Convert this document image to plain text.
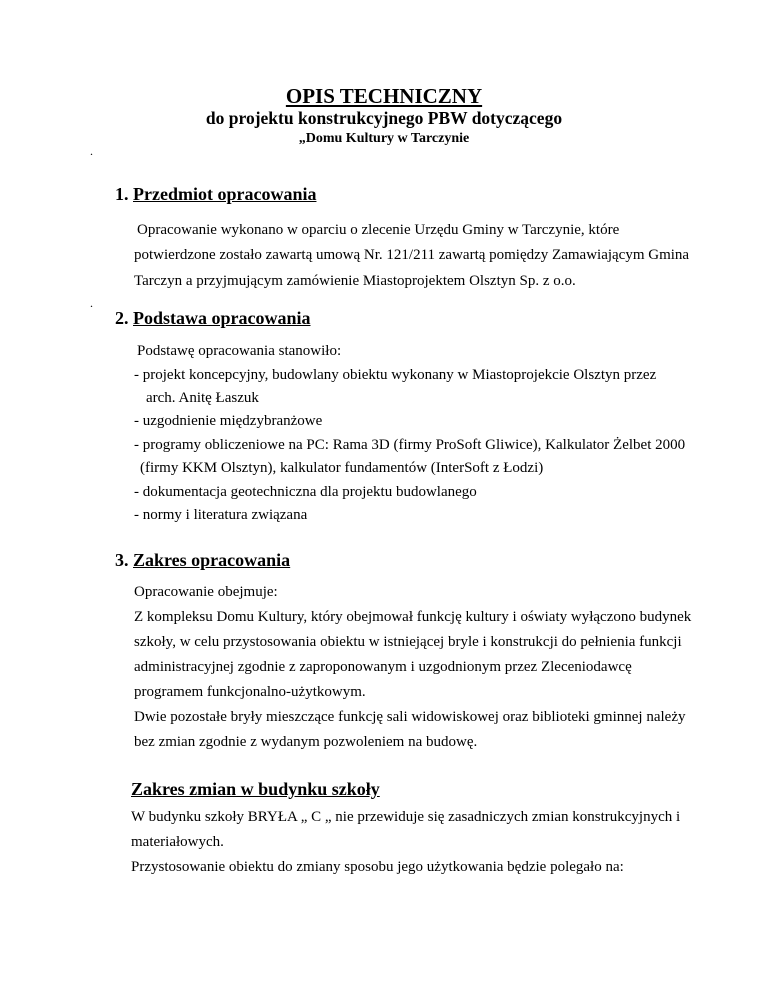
OPIS TECHNICZNY
do projektu konstrukcyjnego PBW dotyczącego
„Domu Kultury w Tarczynie
.
.
1. Przedmiot opracowania
Opracowanie wykonano w oparciu o zlecenie Urzędu Gminy w Tarczynie, które
potwierdzone zostało zawartą umową Nr. 121/211 zawartą pomiędzy Zamawiającym Gmina
Tarczyn a przyjmującym zamówienie Miastoprojektem Olsztyn Sp. z o.o.
2. Podstawa opracowania
Podstawę opracowania stanowiło:
- projekt koncepcyjny, budowlany obiektu wykonany w Miastoprojekcie Olsztyn przez
arch. Anitę Łaszuk
- uzgodnienie międzybranżowe
- programy obliczeniowe na PC: Rama 3D (firmy ProSoft Gliwice), Kalkulator Żelbet 2000
(firmy KKM Olsztyn), kalkulator fundamentów (InterSoft z Łodzi)
- dokumentacja geotechniczna dla projektu budowlanego
- normy i literatura związana
3. Zakres opracowania
Opracowanie obejmuje:
Z kompleksu Domu Kultury, który obejmował funkcję kultury i oświaty wyłączono budynek
szkoły, w celu przystosowania obiektu w istniejącej bryle i konstrukcji do pełnienia funkcji
administracyjnej zgodnie z zaproponowanym i uzgodnionym przez Zleceniodawcę
programem funkcjonalno-użytkowym.
Dwie pozostałe bryły mieszczące funkcję sali widowiskowej oraz biblioteki gminnej należy
bez zmian zgodnie z wydanym pozwoleniem na budowę.
Zakres zmian w budynku szkoły
W budynku szkoły BRYŁA „ C „ nie przewiduje się zasadniczych zmian konstrukcyjnych i
materiałowych.
Przystosowanie obiektu do zmiany sposobu jego użytkowania będzie polegało na:
